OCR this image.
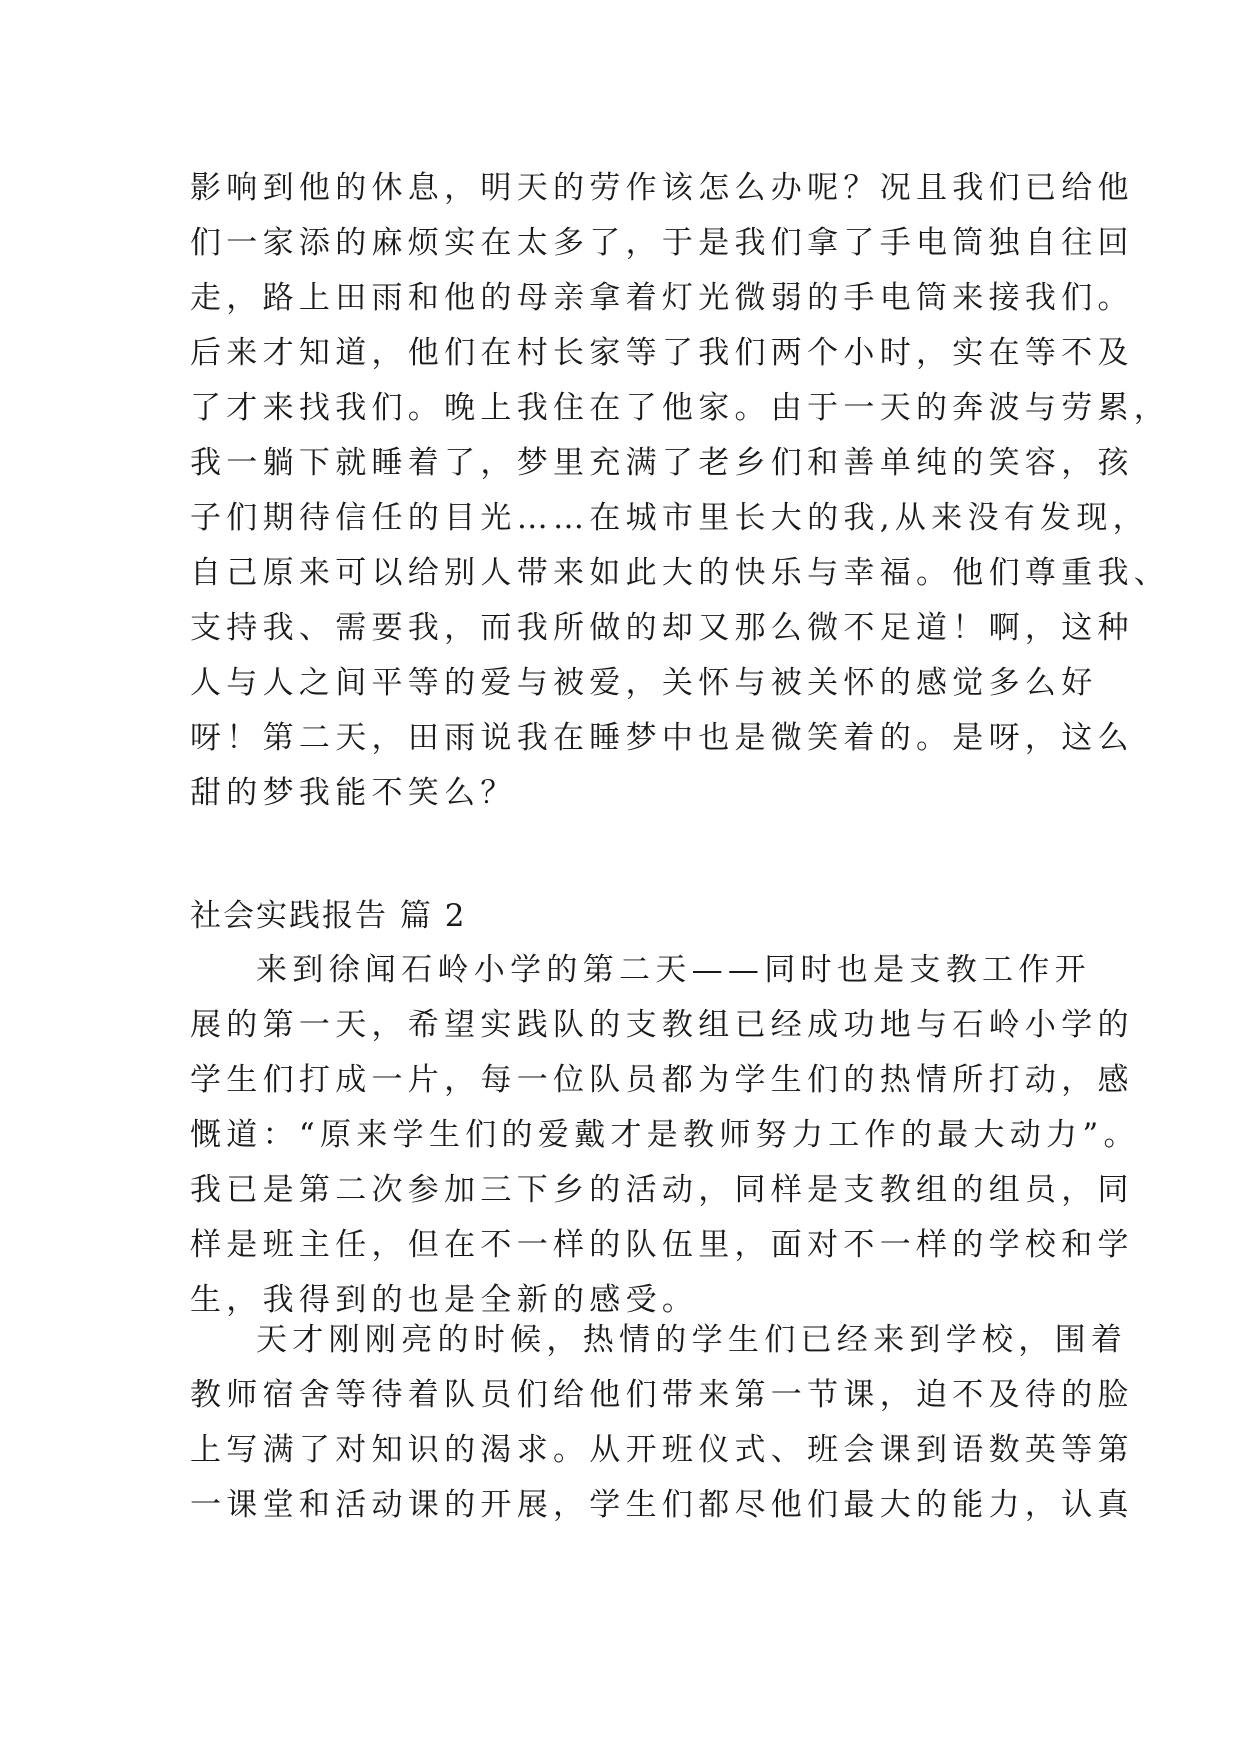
影响到他的休息，明天的劳作该怎么办呢？况且我们已给他
们一家添的麻烦实在太多了，于是我们拿了手电筒独自往回
走，路上田雨和他的母亲拿着灯光微弱的手电筒来接我们。
后来才知道，他们在村长家等了我们两个小时，实在等不及
了才来找我们。晚上我住在了他家。由于一天的奔波与劳累，
我一躺下就睡着了，梦里充满了老乡们和善单纯的笑容，孩
子们期待信任的目光……在城市里长大的我,从来没有发现，
自己原来可以给别人带来如此大的快乐与幸福。他们尊重我、
支持我、需要我，而我所做的却又那么微不足道！啊，这种
人与人之间平等的爱与被爱，关怀与被关怀的感觉多么好
呀！第二天，田雨说我在睡梦中也是微笑着的。是呀，这么
甜的梦我能不笑么？
社会实践报告 篇 2
来到徐闻石岭小学的第二天——同时也是支教工作开
展的第一天，希望实践队的支教组已经成功地与石岭小学的
学生们打成一片，每一位队员都为学生们的热情所打动，感
慨道：“原来学生们的爱戴才是教师努力工作的最大动力”。
我已是第二次参加三下乡的活动，同样是支教组的组员，同
样是班主任，但在不一样的队伍里，面对不一样的学校和学
生，我得到的也是全新的感受。
天才刚刚亮的时候，热情的学生们已经来到学校，围着
教师宿舍等待着队员们给他们带来第一节课，迫不及待的脸
上写满了对知识的渴求。从开班仪式、班会课到语数英等第
一课堂和活动课的开展，学生们都尽他们最大的能力，认真
